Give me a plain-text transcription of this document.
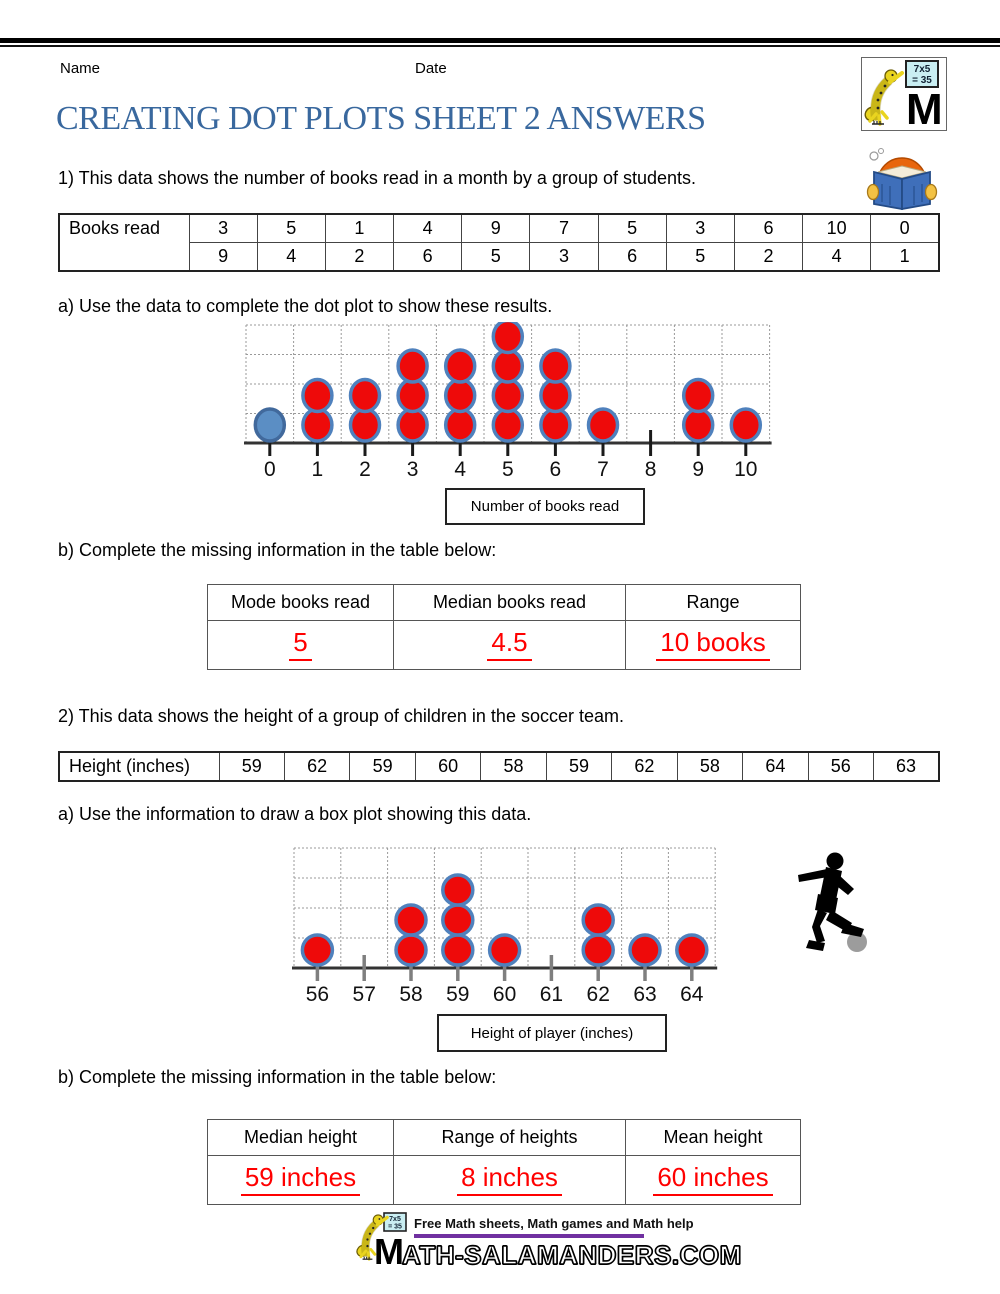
Name	Date	7x5
= 35
M
CREATING DOT PLOTS SHEET 2 ANSWERS
1) This data shows the number of books read in a month by a group of students.
Books read	3	5	1	4	9	7	5	3	6	10	0
	9	4	2	6	5	3	6	5	2	4	1
a) Use the data to complete the dot plot to show these results.
0 1 2 3 4 5 6 7 8 9 10
Number of books read
b) Complete the missing information in the table below:
Mode books read	Median books read	Range
5	4.5	10 books
2) This data shows the height of a group of children in the soccer team.
Height (inches)	59	62	59	60	58	59	62	58	64	56	63
a) Use the information to draw a box plot showing this data.
56 57 58 59 60 61 62 63 64
Height of player (inches)
b) Complete the missing information in the table below:
Median height	Range of heights	Mean height
59 inches	8 inches	60 inches
7x5
= 35 Free Math sheets, Math games and Math help
MATH-SALAMANDERS.COM
